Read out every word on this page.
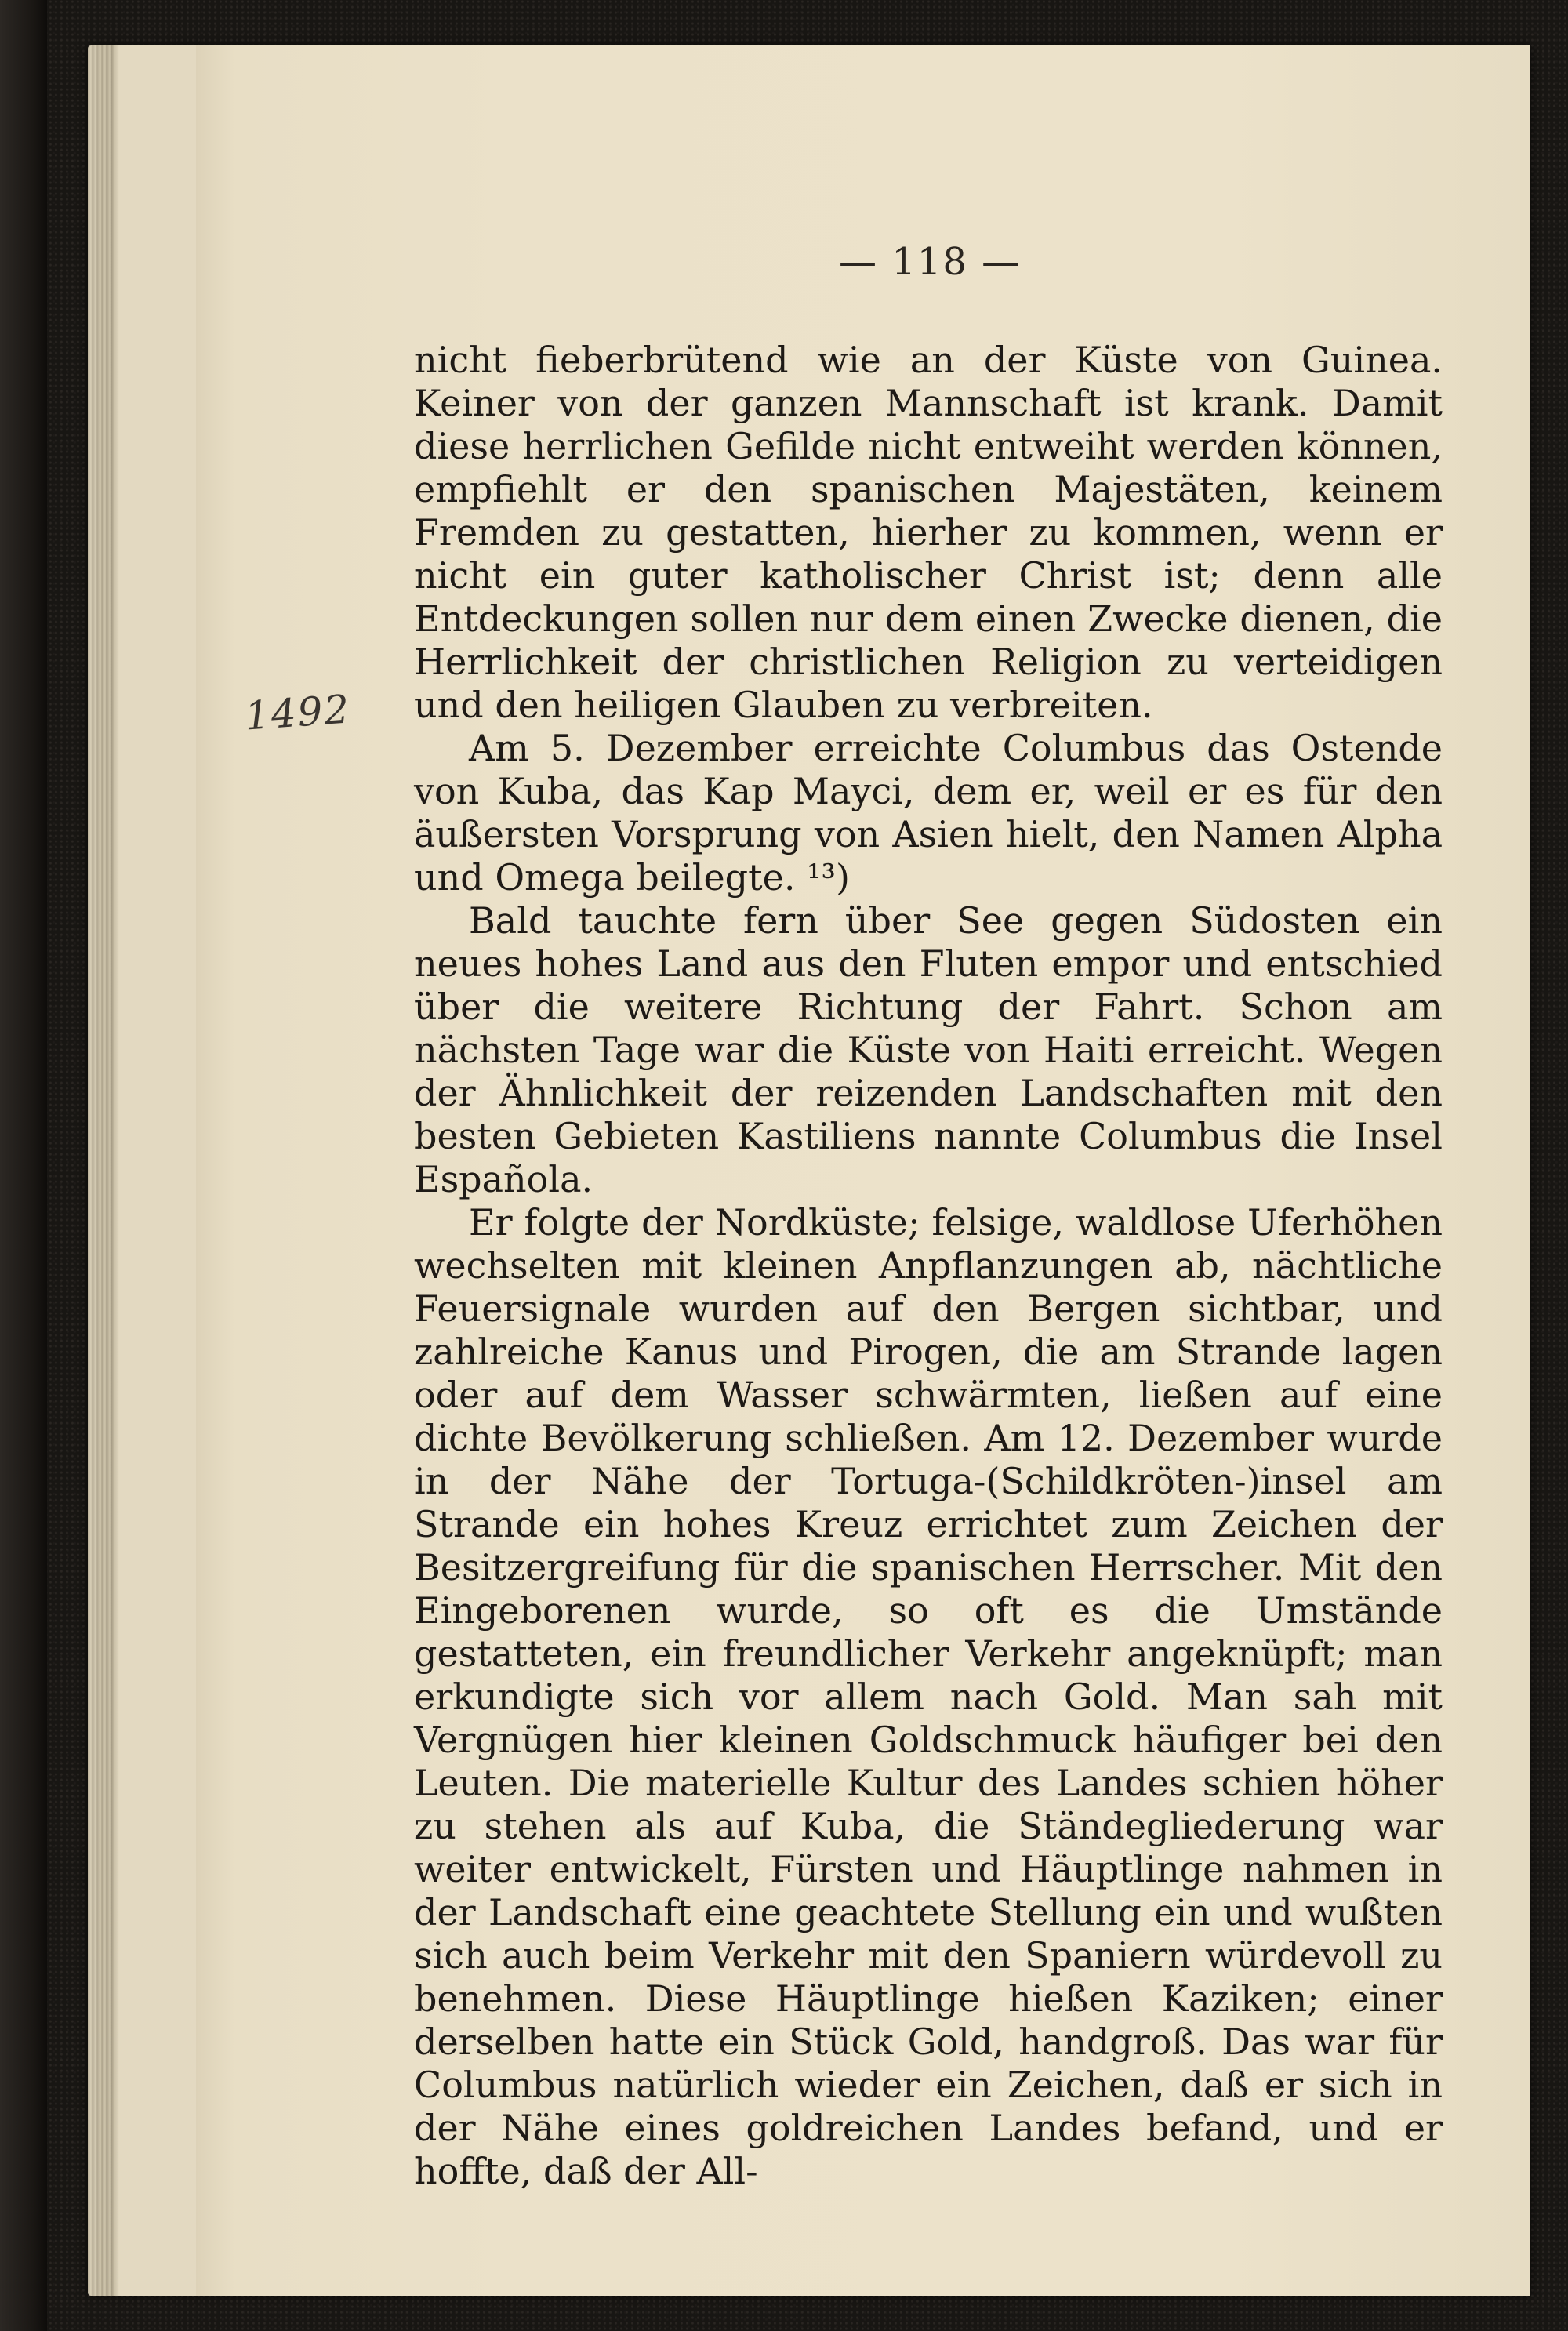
— 118 —
1492

nicht fieberbrütend wie an der Küste von Guinea. Keiner von der ganzen Mannschaft ist krank. Damit diese herrlichen Gefilde nicht entweiht werden können, empfiehlt er den spanischen Majestäten, keinem Fremden zu gestatten, hierher zu kommen, wenn er nicht ein guter katholischer Christ ist; denn alle Entdeckungen sollen nur dem einen Zwecke dienen, die Herrlichkeit der christlichen Religion zu verteidigen und den heiligen Glauben zu verbreiten.

Am 5. Dezember erreichte Columbus das Ostende von Kuba, das Kap Mayci, dem er, weil er es für den äußersten Vorsprung von Asien hielt, den Namen Alpha und Omega beilegte. ¹³)

Bald tauchte fern über See gegen Südosten ein neues hohes Land aus den Fluten empor und entschied über die weitere Richtung der Fahrt. Schon am nächsten Tage war die Küste von Haiti erreicht. Wegen der Ähnlichkeit der reizenden Landschaften mit den besten Gebieten Kastiliens nannte Columbus die Insel Española.

Er folgte der Nordküste; felsige, waldlose Uferhöhen wechselten mit kleinen Anpflanzungen ab, nächtliche Feuersignale wurden auf den Bergen sichtbar, und zahlreiche Kanus und Pirogen, die am Strande lagen oder auf dem Wasser schwärmten, ließen auf eine dichte Bevölkerung schließen. Am 12. Dezember wurde in der Nähe der Tortuga-(Schildkröten-)insel am Strande ein hohes Kreuz errichtet zum Zeichen der Besitzergreifung für die spanischen Herrscher. Mit den Eingeborenen wurde, so oft es die Umstände gestatteten, ein freundlicher Verkehr angeknüpft; man erkundigte sich vor allem nach Gold. Man sah mit Vergnügen hier kleinen Goldschmuck häufiger bei den Leuten. Die materielle Kultur des Landes schien höher zu stehen als auf Kuba, die Ständegliederung war weiter entwickelt, Fürsten und Häuptlinge nahmen in der Landschaft eine geachtete Stellung ein und wußten sich auch beim Verkehr mit den Spaniern würdevoll zu benehmen. Diese Häuptlinge hießen Kaziken; einer derselben hatte ein Stück Gold, handgroß. Das war für Columbus natürlich wieder ein Zeichen, daß er sich in der Nähe eines goldreichen Landes befand, und er hoffte, daß der All-
